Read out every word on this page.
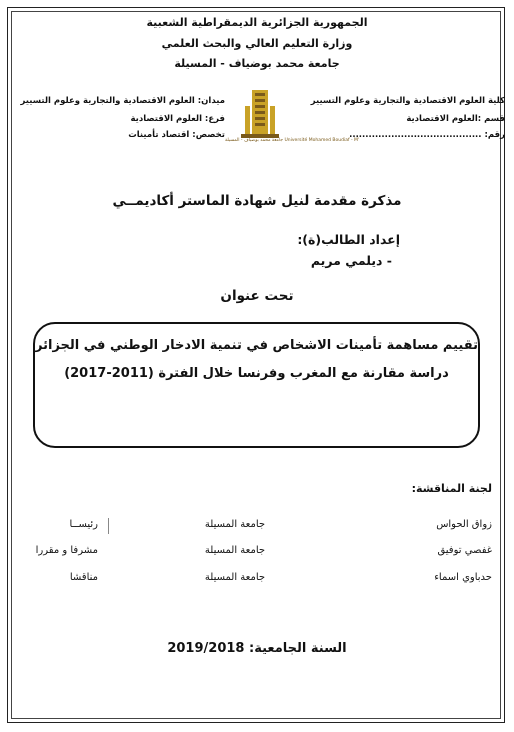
الجمهورية الجزائرية الديمقراطية الشعبية
وزارة التعليم العالي والبحث العلمي
جامعة محمد بوضياف - المسيلة
ميدان: العلوم الاقتصادية والتجارية وعلوم التسيير
فرع: العلوم الاقتصادية
تخصص: اقتصاد تأمينات
جامعة محمد بوضياف - المسيلة Université Mohamed Boudiaf - M'
كلية العلوم الاقتصادية والتجارية وعلوم التسيير
قسم :العلوم الاقتصادية
رقم: .........................................
مذكرة مقدمة لنيل شهادة الماستر أكاديمــي
إعداد الطالب(ة):
- ديلمي مريم
تحت عنوان
تقييم مساهمة تأمينات الاشخاص في تنمية الادخار الوطني في الجزائر
دراسة مقارنة مع المغرب وفرنسا خلال الفترة (2011-2017)
لجنة المناقشة:
زواق الحواس
جامعة المسيلة
رئيســا
غفصي توفيق
جامعة المسيلة
مشرفا و مقررا
حدباوي اسماء
جامعة المسيلة
مناقشا
السنة الجامعية: 2019/2018
